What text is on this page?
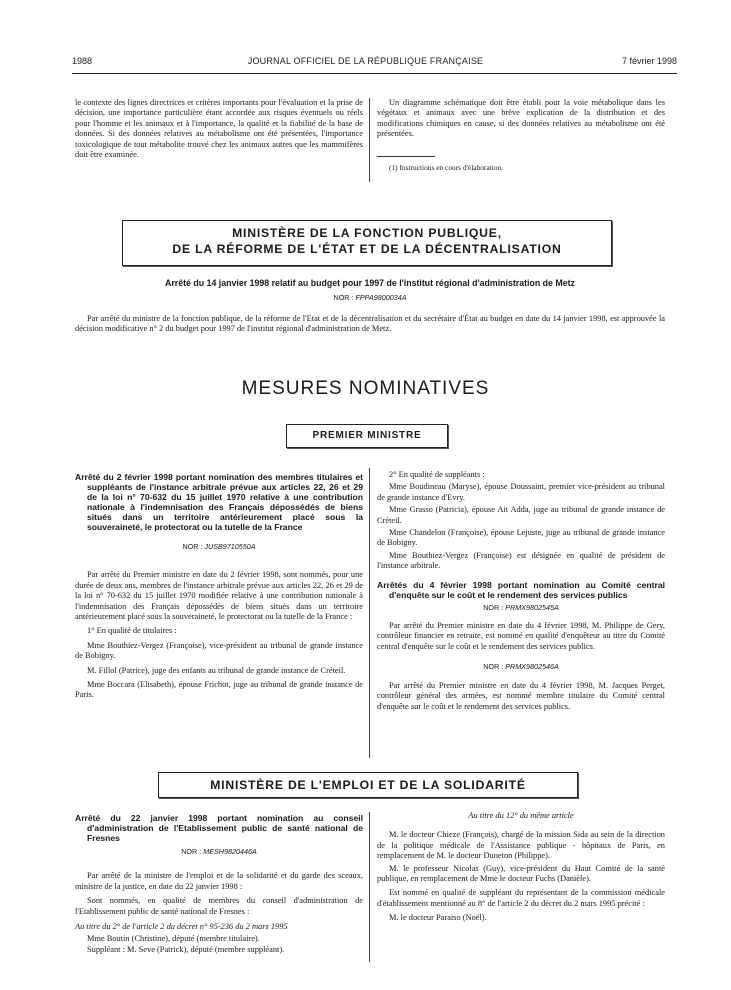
1988	JOURNAL OFFICIEL DE LA RÉPUBLIQUE FRANÇAISE	7 février 1998

le contexte des lignes directrices et critères importants pour l'évaluation et la prise de décision, une importance particulière étant accordée aux risques éventuels ou réels pour l'homme et les animaux et à l'importance, la qualité et la fiabilité de la base de données. Si des données relatives au métabolisme ont été présentées, l'importance toxicologique de tout métabolite trouvé chez les animaux autres que les mammifères doit être examinée.

Un diagramme schématique doit être établi pour la voie métabolique dans les végétaux et animaux avec une brève explication de la distribution et des modifications chimiques en cause, si des données relatives au métabolisme ont été présentées.

(1) Instructions en cours d'élaboration.

MINISTÈRE DE LA FONCTION PUBLIQUE,
DE LA RÉFORME DE L'ÉTAT ET DE LA DÉCENTRALISATION
Arrêté du 14 janvier 1998 relatif au budget pour 1997 de l'institut régional d'administration de Metz
NOR : FPPA9800034A

Par arrêté du ministre de la fonction publique, de la réforme de l'Etat et de la décentralisation et du secrétaire d'État au budget en date du 14 janvier 1998, est approuvée la décision modificative n° 2 du budget pour 1997 de l'institut régional d'administration de Metz.

MESURES NOMINATIVES
PREMIER MINISTRE
Arrêté du 2 février 1998 portant nomination des membres titulaires et suppléants de l'instance arbitrale prévue aux articles 22, 26 et 29 de la loi n° 70-632 du 15 juillet 1970 relative à une contribution nationale à l'indemnisation des Français dépossédés de biens situés dans un territoire antérieurement placé sous la souveraineté, le protectorat ou la tutelle de la France
NOR : JUSB9710550A

Par arrêté du Premier ministre en date du 2 février 1998, sont nommés, pour une durée de deux ans, membres de l'instance arbitrale prévue aux articles 22, 26 et 29 de la loi n° 70-632 du 15 juillet 1970 modifiée relative à une contribution nationale à l'indemnisation des Français dépossédés de biens situés dans un territoire antérieurement placé sous la souveraineté, le protectorat ou la tutelle de la France :

1° En qualité de titulaires :

Mme Bouthiez-Vergez (Françoise), vice-président au tribunal de grande instance de Bobigny.

M. Fillol (Patrice), juge des enfants au tribunal de grande instance de Créteil.

Mme Boccara (Elisabeth), épouse Frichot, juge au tribunal de grande instance de Paris.

2° En qualité de suppléants :

Mme Boudineau (Maryse), épouse Doussaint, premier vice-président au tribunal de grande instance d'Evry.

Mme Grasso (Patricia), épouse Ait Adda, juge au tribunal de grande instance de Créteil.

Mme Chandelon (Françoise), épouse Lejuste, juge au tribunal de grande instance de Bobigny.

Mme Bouthiez-Vergez (Françoise) est désignée en qualité de président de l'instance arbitrale.

Arrêtés du 4 février 1998 portant nomination au Comité central d'enquête sur le coût et le rendement des services publics
NOR : PRMX9802545A

Par arrêté du Premier ministre en date du 4 février 1998, M. Philippe de Gery, contrôleur financier en retraite, est nommé en qualité d'enquêteur au titre du Comité central d'enquête sur le coût et le rendement des services publics.

NOR : PRMX9802546A

Par arrêté du Premier ministre en date du 4 février 1998, M. Jacques Perget, contrôleur général des armées, est nommé membre titulaire du Comité central d'enquête sur le coût et le rendement des services publics.

MINISTÈRE DE L'EMPLOI ET DE LA SOLIDARITÉ
Arrêté du 22 janvier 1998 portant nomination au conseil d'administration de l'Etablissement public de santé national de Fresnes
NOR : MESH9820446A

Par arrêté de la ministre de l'emploi et de la solidarité et du garde des sceaux, ministre de la justice, en date du 22 janvier 1998 :

Sont nommés, en qualité de membres du conseil d'administration de l'Etablissement public de santé national de Fresnes :

Au titre du 2° de l'article 2 du décret n° 95-236 du 2 mars 1995

Mme Boutin (Christine), député (membre titulaire).

Suppléant : M. Seve (Patrick), député (membre suppléant).

Au titre du 12° du même article

M. le docteur Chieze (François), chargé de la mission Sida au sein de la direction de la politique médicale de l'Assistance publique - hôpitaux de Paris, en remplacement de M. le docteur Duneton (Philippe).

M. le professeur Nicolas (Guy), vice-président du Haut Comité de la santé publique, en remplacement de Mme le docteur Fuchs (Danièle).

Est nommé en qualité de suppléant du représentant de la commission médicale d'établissement mentionné au 8° de l'article 2 du décret du 2 mars 1995 précité :

M. le docteur Paraiso (Noël).
